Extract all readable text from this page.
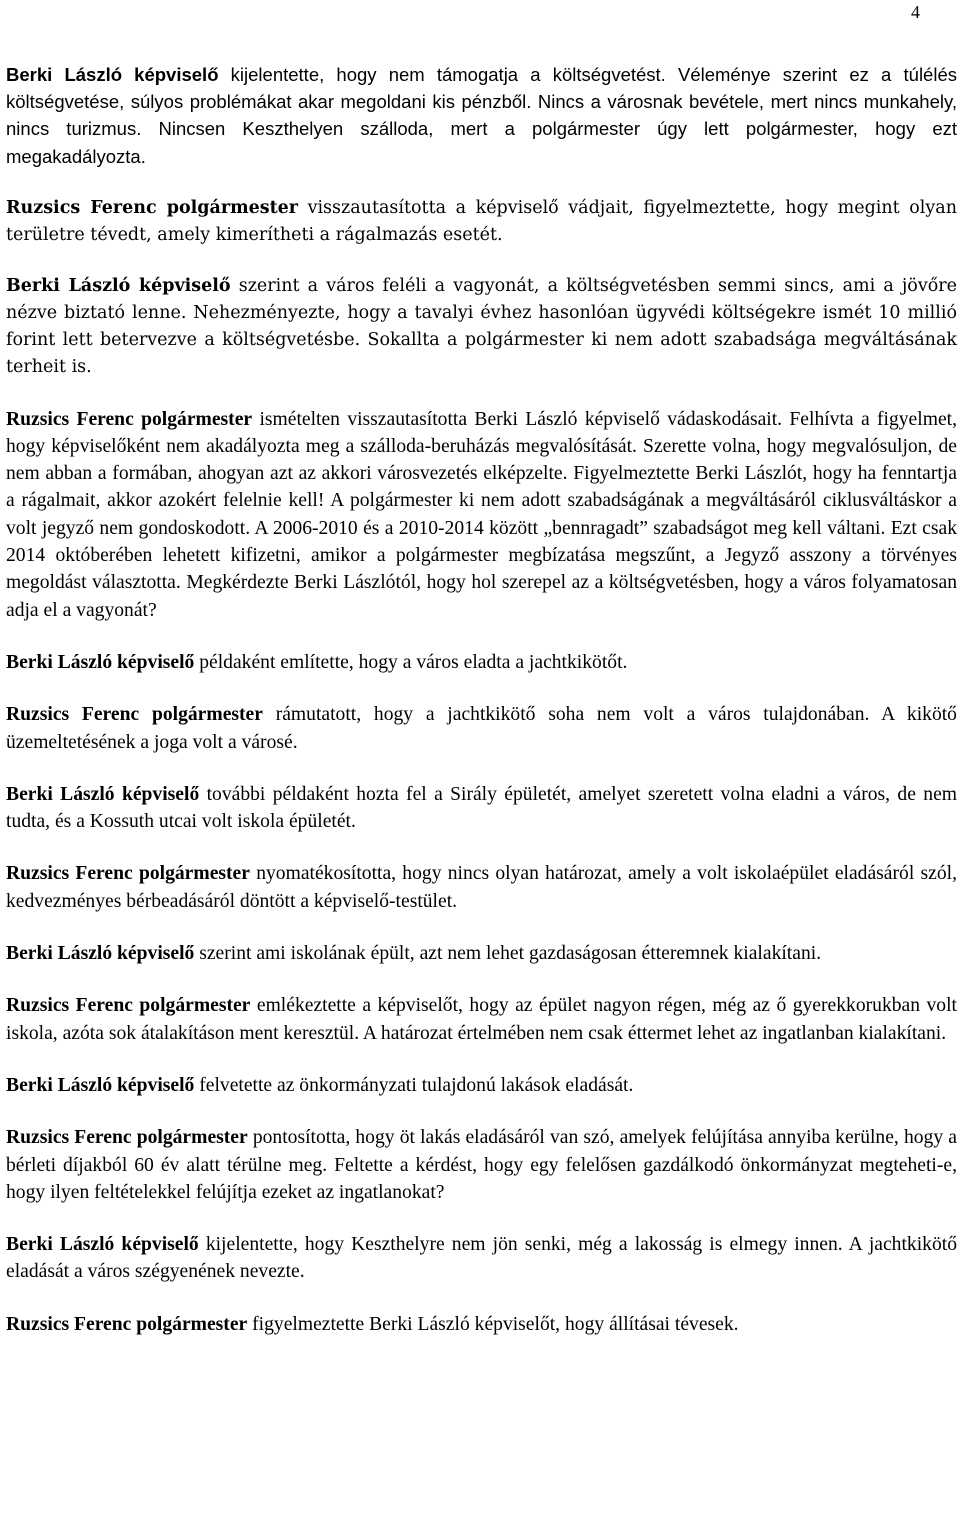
4

Berki László képviselő kijelentette, hogy nem támogatja a költségvetést. Véleménye szerint ez a túlélés költségvetése, súlyos problémákat akar megoldani kis pénzből. Nincs a városnak bevétele, mert nincs munkahely, nincs turizmus. Nincsen Keszthelyen szálloda, mert a polgármester úgy lett polgármester, hogy ezt megakadályozta.

Ruzsics Ferenc polgármester visszautasította a képviselő vádjait, figyelmeztette, hogy megint olyan területre tévedt, amely kimerítheti a rágalmazás esetét.

Berki László képviselő szerint a város feléli a vagyonát, a költségvetésben semmi sincs, ami a jövőre nézve biztató lenne. Nehezményezte, hogy a tavalyi évhez hasonlóan ügyvédi költségekre ismét 10 millió forint lett betervezve a költségvetésbe. Sokallta a polgármester ki nem adott szabadsága megváltásának terheit is.

Ruzsics Ferenc polgármester ismételten visszautasította Berki László képviselő vádaskodásait. Felhívta a figyelmet, hogy képviselőként nem akadályozta meg a szálloda-beruházás megvalósítását. Szerette volna, hogy megvalósuljon, de nem abban a formában, ahogyan azt az akkori városvezetés elképzelte. Figyelmeztette Berki Lászlót, hogy ha fenntartja a rágalmait, akkor azokért felelnie kell! A polgármester ki nem adott szabadságának a megváltásáról ciklusváltáskor a volt jegyző nem gondoskodott. A 2006-2010 és a 2010-2014 között „bennragadt” szabadságot meg kell váltani. Ezt csak 2014 októberében lehetett kifizetni, amikor a polgármester megbízatása megszűnt, a Jegyző asszony a törvényes megoldást választotta. Megkérdezte Berki Lászlótól, hogy hol szerepel az a költségvetésben, hogy a város folyamatosan adja el a vagyonát?

Berki László képviselő példaként említette, hogy a város eladta a jachtkikötőt.

Ruzsics Ferenc polgármester rámutatott, hogy a jachtkikötő soha nem volt a város tulajdonában. A kikötő üzemeltetésének a joga volt a városé.

Berki László képviselő további példaként hozta fel a Sirály épületét, amelyet szeretett volna eladni a város, de nem tudta, és a Kossuth utcai volt iskola épületét.

Ruzsics Ferenc polgármester nyomatékosította, hogy nincs olyan határozat, amely a volt iskolaépület eladásáról szól, kedvezményes bérbeadásáról döntött a képviselő-testület.

Berki László képviselő szerint ami iskolának épült, azt nem lehet gazdaságosan étteremnek kialakítani.

Ruzsics Ferenc polgármester emlékeztette a képviselőt, hogy az épület nagyon régen, még az ő gyerekkorukban volt iskola, azóta sok átalakításon ment keresztül. A határozat értelmében nem csak éttermet lehet az ingatlanban kialakítani.

Berki László képviselő felvetette az önkormányzati tulajdonú lakások eladását.

Ruzsics Ferenc polgármester pontosította, hogy öt lakás eladásáról van szó, amelyek felújítása annyiba kerülne, hogy a bérleti díjakból 60 év alatt térülne meg. Feltette a kérdést, hogy egy felelősen gazdálkodó önkormányzat megteheti-e, hogy ilyen feltételekkel felújítja ezeket az ingatlanokat?

Berki László képviselő kijelentette, hogy Keszthelyre nem jön senki, még a lakosság is elmegy innen. A jachtkikötő eladását a város szégyenének nevezte.

Ruzsics Ferenc polgármester figyelmeztette Berki László képviselőt, hogy állításai tévesek.
